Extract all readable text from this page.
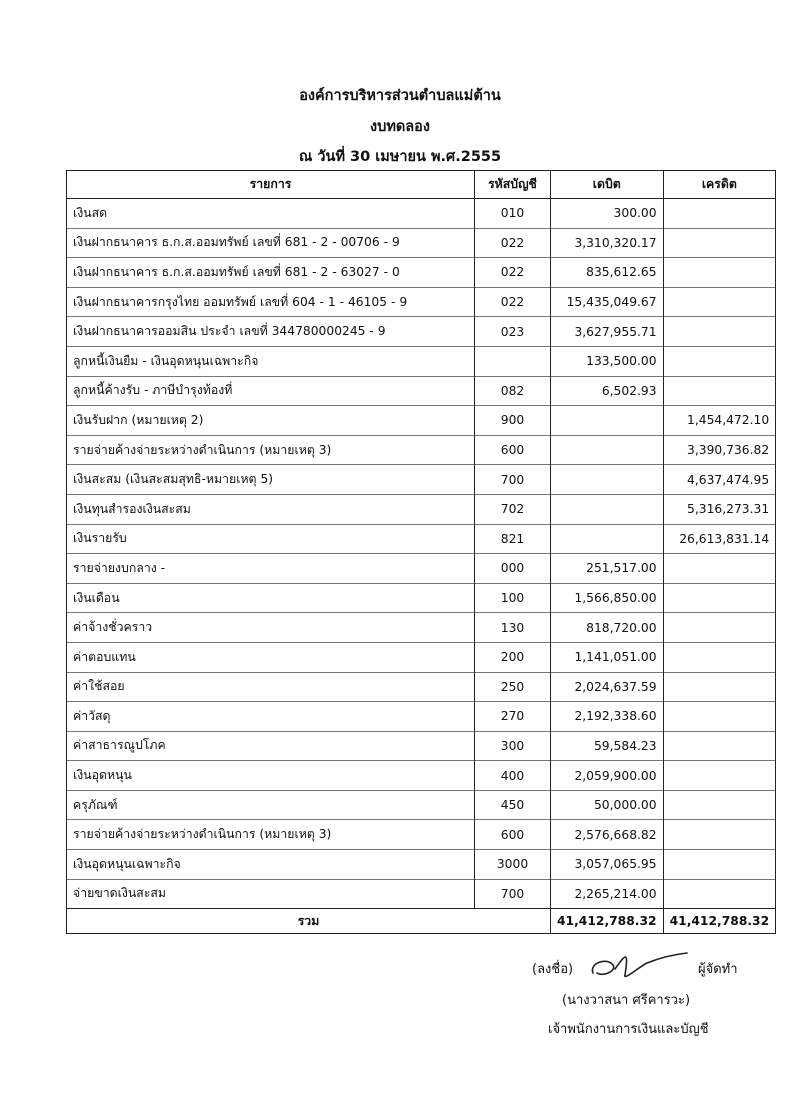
องค์การบริหารส่วนตำบลแม่ต้าน
งบทดลอง
ณ วันที่ 30 เมษายน พ.ศ.2555
รายการ	รหัสบัญชี	เดบิต	เครดิต
เงินสด	010	300.00	
เงินฝากธนาคาร ธ.ก.ส.ออมทรัพย์ เลขที่ 681 - 2 - 00706 - 9	022	3,310,320.17	
เงินฝากธนาคาร ธ.ก.ส.ออมทรัพย์ เลขที่ 681 - 2 - 63027 - 0	022	835,612.65	
เงินฝากธนาคารกรุงไทย ออมทรัพย์ เลขที่ 604 - 1 - 46105 - 9	022	15,435,049.67	
เงินฝากธนาคารออมสิน ประจำ เลขที่ 344780000245 - 9	023	3,627,955.71	
ลูกหนี้เงินยืม - เงินอุดหนุนเฉพาะกิจ		133,500.00	
ลูกหนี้ค้างรับ - ภาษีบำรุงท้องที่	082	6,502.93	
เงินรับฝาก (หมายเหตุ 2)	900		1,454,472.10
รายจ่ายค้างจ่ายระหว่างดำเนินการ (หมายเหตุ 3)	600		3,390,736.82
เงินสะสม (เงินสะสมสุทธิ-หมายเหตุ 5)	700		4,637,474.95
เงินทุนสำรองเงินสะสม	702		5,316,273.31
เงินรายรับ	821		26,613,831.14
รายจ่ายงบกลาง -	000	251,517.00	
เงินเดือน	100	1,566,850.00	
ค่าจ้างชั่วคราว	130	818,720.00	
ค่าตอบแทน	200	1,141,051.00	
ค่าใช้สอย	250	2,024,637.59	
ค่าวัสดุ	270	2,192,338.60	
ค่าสาธารณูปโภค	300	59,584.23	
เงินอุดหนุน	400	2,059,900.00	
ครุภัณฑ์	450	50,000.00	
รายจ่ายค้างจ่ายระหว่างดำเนินการ (หมายเหตุ 3)	600	2,576,668.82	
เงินอุดหนุนเฉพาะกิจ	3000	3,057,065.95	
จ่ายขาดเงินสะสม	700	2,265,214.00	
รวม		41,412,788.32	41,412,788.32
(ลงชื่อ)	ผู้จัดทำ
(นางวาสนา ศรีคารวะ)
เจ้าพนักงานการเงินและบัญชี
